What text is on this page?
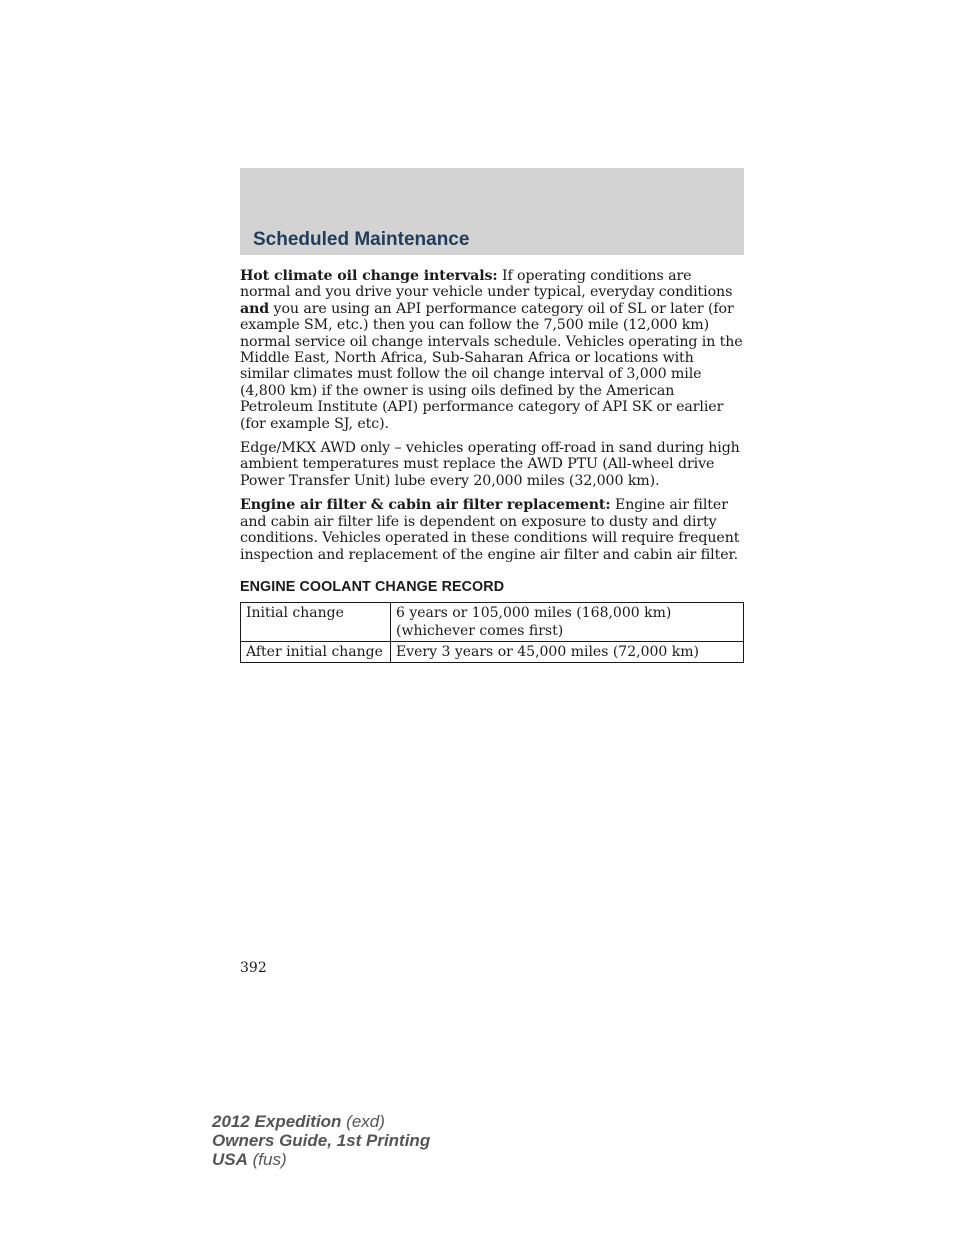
Scheduled Maintenance

Hot climate oil change intervals: If operating conditions are normal and you drive your vehicle under typical, everyday conditions and you are using an API performance category oil of SL or later (for example SM, etc.) then you can follow the 7,500 mile (12,000 km) normal service oil change intervals schedule. Vehicles operating in the Middle East, North Africa, Sub-Saharan Africa or locations with similar climates must follow the oil change interval of 3,000 mile (4,800 km) if the owner is using oils defined by the American Petroleum Institute (API) performance category of API SK or earlier (for example SJ, etc).

Edge/MKX AWD only – vehicles operating off-road in sand during high ambient temperatures must replace the AWD PTU (All-wheel drive Power Transfer Unit) lube every 20,000 miles (32,000 km).

Engine air filter & cabin air filter replacement: Engine air filter and cabin air filter life is dependent on exposure to dusty and dirty conditions. Vehicles operated in these conditions will require frequent inspection and replacement of the engine air filter and cabin air filter.

ENGINE COOLANT CHANGE RECORD
Initial change	6 years or 105,000 miles (168,000 km)
(whichever comes first)
After initial change	Every 3 years or 45,000 miles (72,000 km)

392

2012 Expedition (exd)
Owners Guide, 1st Printing
USA (fus)
